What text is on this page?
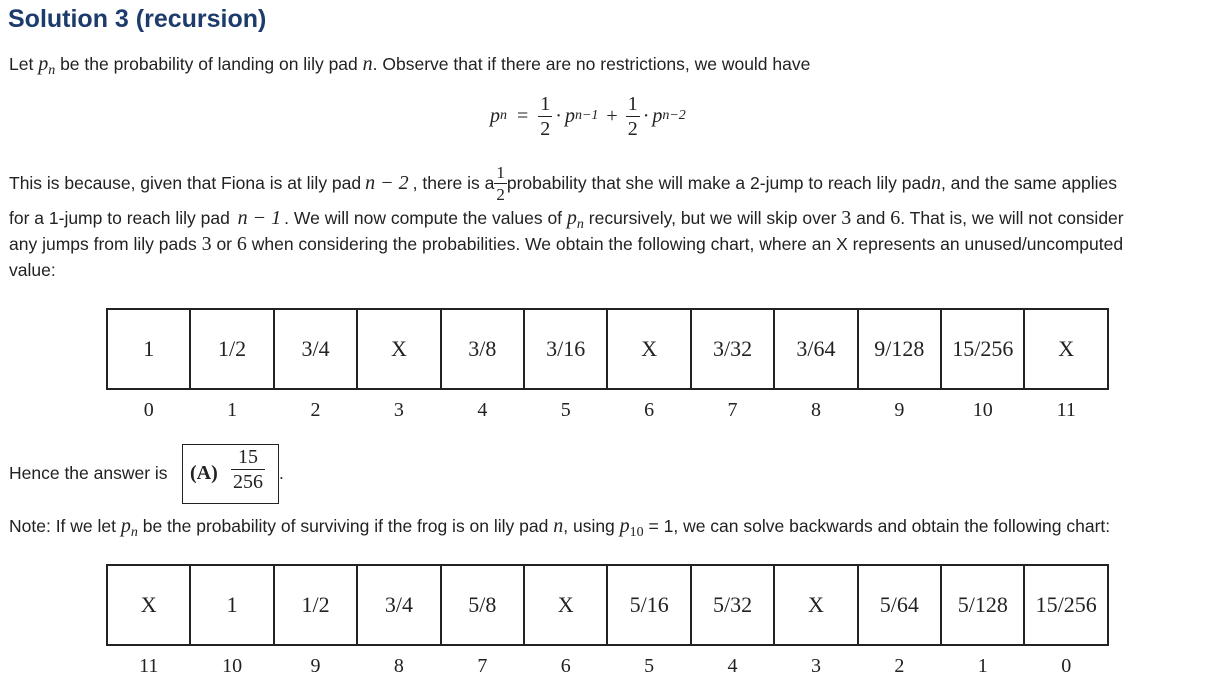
Solution 3 (recursion)
Let $p_n$ be the probability of landing on lily pad n. Observe that if there are no restrictions, we would have
p $n = \frac{1}{2} \cdot p$ $n-1 + \frac{1}{2} \cdot p$ n−2
This is because, given that Fiona is at lily pad n − 2 , there is a $\frac{1}{2}$ probability that she will make a 2-jump to reach lily pad n , and the same applies
for a 1-jump to reach lily pad n − 1 . We will now compute the values of $p_n$ recursively, but we will skip over 3 and 6. That is, we will not consider
any jumps from lily pads 3 or 6 when considering the probabilities. We obtain the following chart, where an X represents an unused/uncomputed
value:
1	1/2	3/4	X	3/8	3/16	X	3/32	3/64	9/128	15/256	X
0	1	2	3	4	5	6	7	8	9	10	11
Hence the answer is $(A) \frac{15}{256}$ .
Note: If we let $p_n$ be the probability of surviving if the frog is on lily pad n, using $p_{10} = 1$, we can solve backwards and obtain the following chart:
X	1	1/2	3/4	5/8	X	5/16	5/32	X	5/64	5/128	15/256
11	10	9	8	7	6	5	4	3	2	1	0
